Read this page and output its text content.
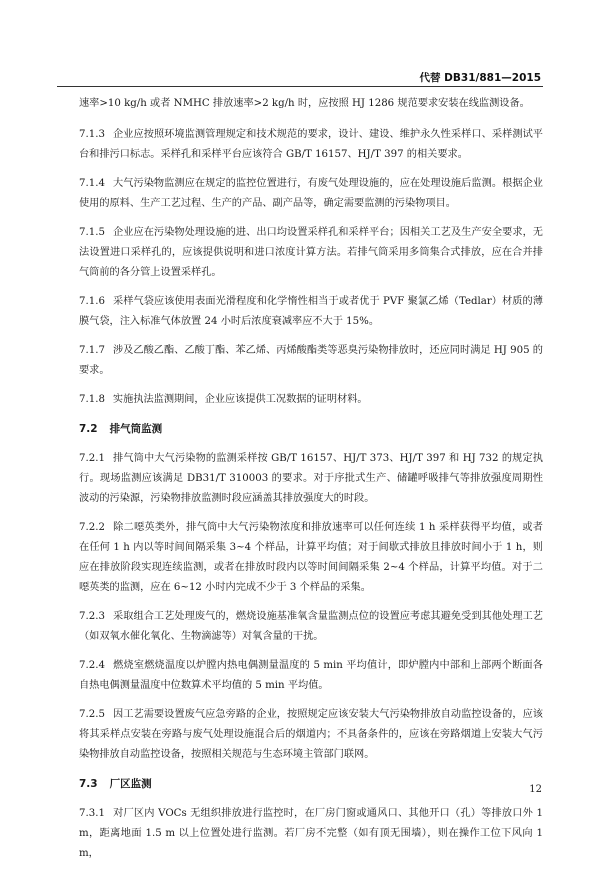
代替 DB31/881—2015

速率>10 kg/h 或者 NMHC 排放速率>2 kg/h 时，应按照 HJ 1286 规范要求安装在线监测设备。

7.1.3 企业应按照环境监测管理规定和技术规范的要求，设计、建设、维护永久性采样口、采样测试平台和排污口标志。采样孔和采样平台应该符合 GB/T 16157、HJ/T 397 的相关要求。

7.1.4 大气污染物监测应在规定的监控位置进行，有废气处理设施的，应在处理设施后监测。根据企业使用的原料、生产工艺过程、生产的产品、副产品等，确定需要监测的污染物项目。

7.1.5 企业应在污染物处理设施的进、出口均设置采样孔和采样平台；因相关工艺及生产安全要求，无法设置进口采样孔的，应该提供说明和进口浓度计算方法。若排气筒采用多筒集合式排放，应在合并排气筒前的各分管上设置采样孔。

7.1.6 采样气袋应该使用表面光滑程度和化学惰性相当于或者优于 PVF 聚氯乙烯（Tedlar）材质的薄膜气袋，注入标准气体放置 24 小时后浓度衰减率应不大于 15%。

7.1.7 涉及乙酸乙酯、乙酸丁酯、苯乙烯、丙烯酸酯类等恶臭污染物排放时，还应同时满足 HJ 905 的要求。

7.1.8 实施执法监测期间，企业应该提供工况数据的证明材料。

7.2 排气筒监测

7.2.1 排气筒中大气污染物的监测采样按 GB/T 16157、HJ/T 373、HJ/T 397 和 HJ 732 的规定执行。现场监测应该满足 DB31/T 310003 的要求。对于序批式生产、储罐呼吸排气等排放强度周期性波动的污染源，污染物排放监测时段应涵盖其排放强度大的时段。

7.2.2 除二噁英类外，排气筒中大气污染物浓度和排放速率可以任何连续 1 h 采样获得平均值，或者在任何 1 h 内以等时间间隔采集 3~4 个样品，计算平均值；对于间歇式排放且排放时间小于 1 h，则应在排放阶段实现连续监测，或者在排放时段内以等时间间隔采集 2~4 个样品，计算平均值。对于二噁英类的监测，应在 6~12 小时内完成不少于 3 个样品的采集。

7.2.3 采取组合工艺处理废气的，燃烧设施基准氧含量监测点位的设置应考虑其避免受到其他处理工艺（如双氧水催化氧化、生物滴滤等）对氧含量的干扰。

7.2.4 燃烧室燃烧温度以炉膛内热电偶测量温度的 5 min 平均值计，即炉膛内中部和上部两个断面各自热电偶测量温度中位数算术平均值的 5 min 平均值。

7.2.5 因工艺需要设置废气应急旁路的企业，按照规定应该安装大气污染物排放自动监控设备的，应该将其采样点安装在旁路与废气处理设施混合后的烟道内；不具备条件的，应该在旁路烟道上安装大气污染物排放自动监控设备，按照相关规范与生态环境主管部门联网。

7.3 厂区监测

7.3.1 对厂区内 VOCs 无组织排放进行监控时，在厂房门窗或通风口、其他开口（孔）等排放口外 1 m，距离地面 1.5 m 以上位置处进行监测。若厂房不完整（如有顶无围墙），则在操作工位下风向 1 m，

12
